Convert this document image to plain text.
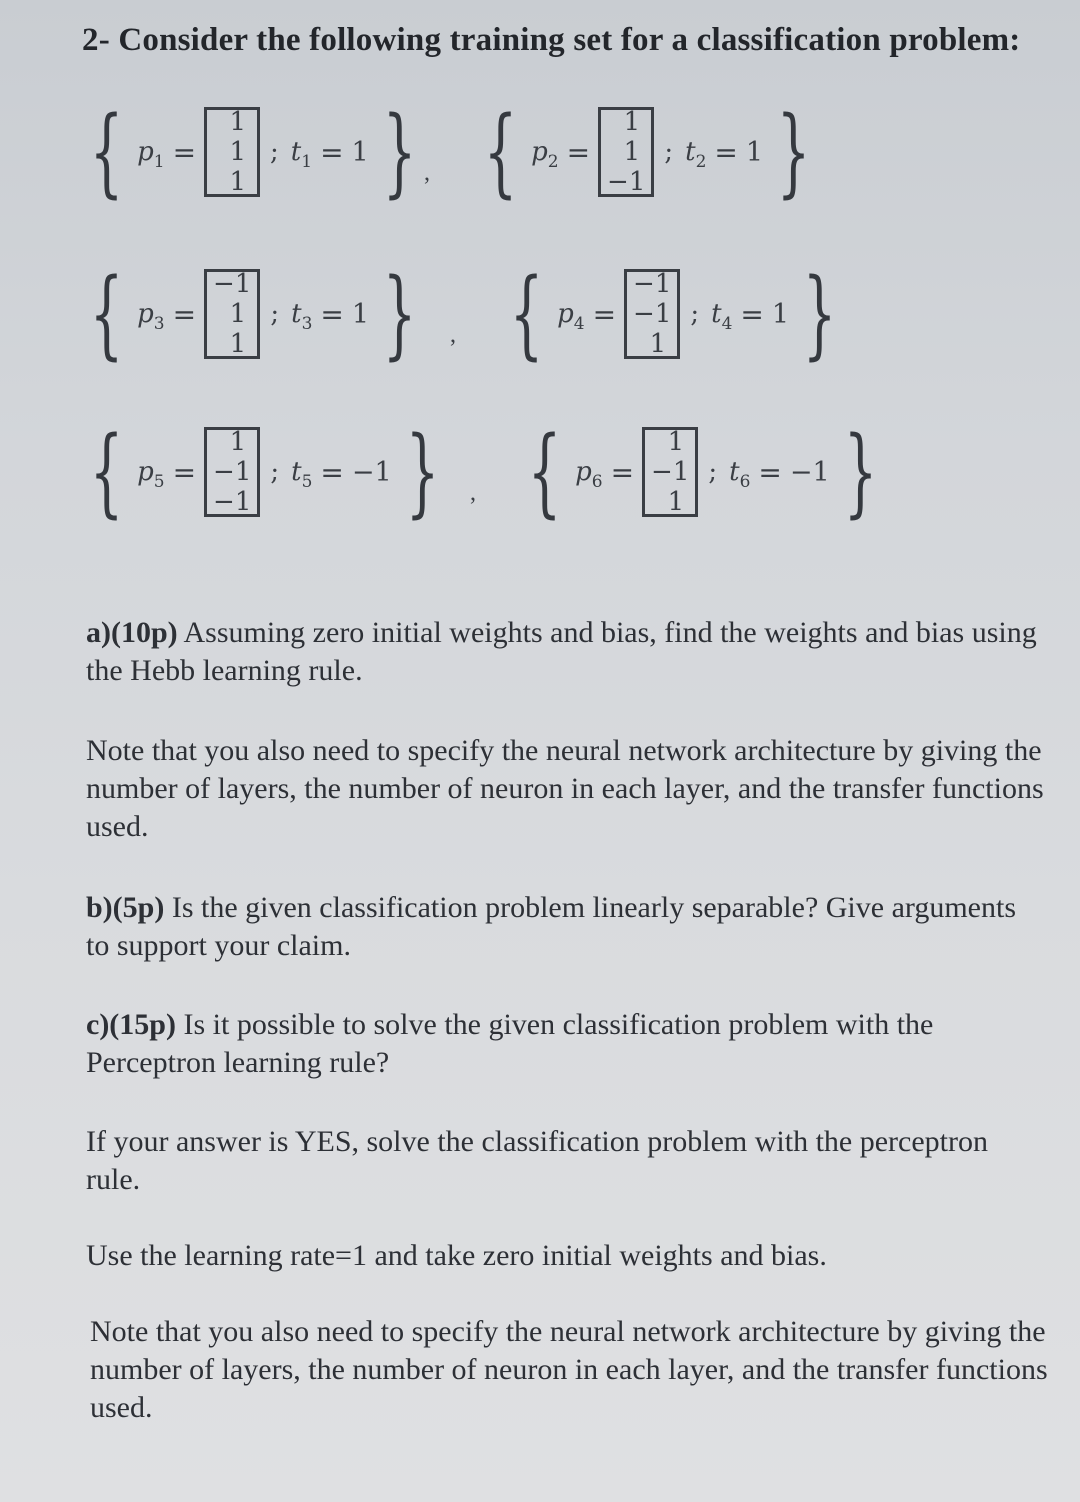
2- Consider the following training set for a classification problem:
{ $p_1$ =
1
1
1
; $t_1 = 1$ } , { $p_2$ =
1
1
−1
; $t_2 = 1$ }
{ $p_3$ =
−1
1
1
; $t_3 = 1$ } , { $p_4$ =
−1
−1
1
; $t_4 = 1$ }
{ $p_5$ =
1
−1
−1
; $t_5 = -1$ } , { $p_6$ =
1
−1
1
; $t_6 = -1$ }
a)(10p) Assuming zero initial weights and bias, find the weights and bias using the Hebb learning rule.
Note that you also need to specify the neural network architecture by giving the number of layers, the number of neuron in each layer, and the transfer functions used.
b)(5p) Is the given classification problem linearly separable? Give arguments to support your claim.
c)(15p) Is it possible to solve the given classification problem with the Perceptron learning rule?
If your answer is YES, solve the classification problem with the perceptron rule.
Use the learning rate=1 and take zero initial weights and bias.
Note that you also need to specify the neural network architecture by giving the number of layers, the number of neuron in each layer, and the transfer functions used.
